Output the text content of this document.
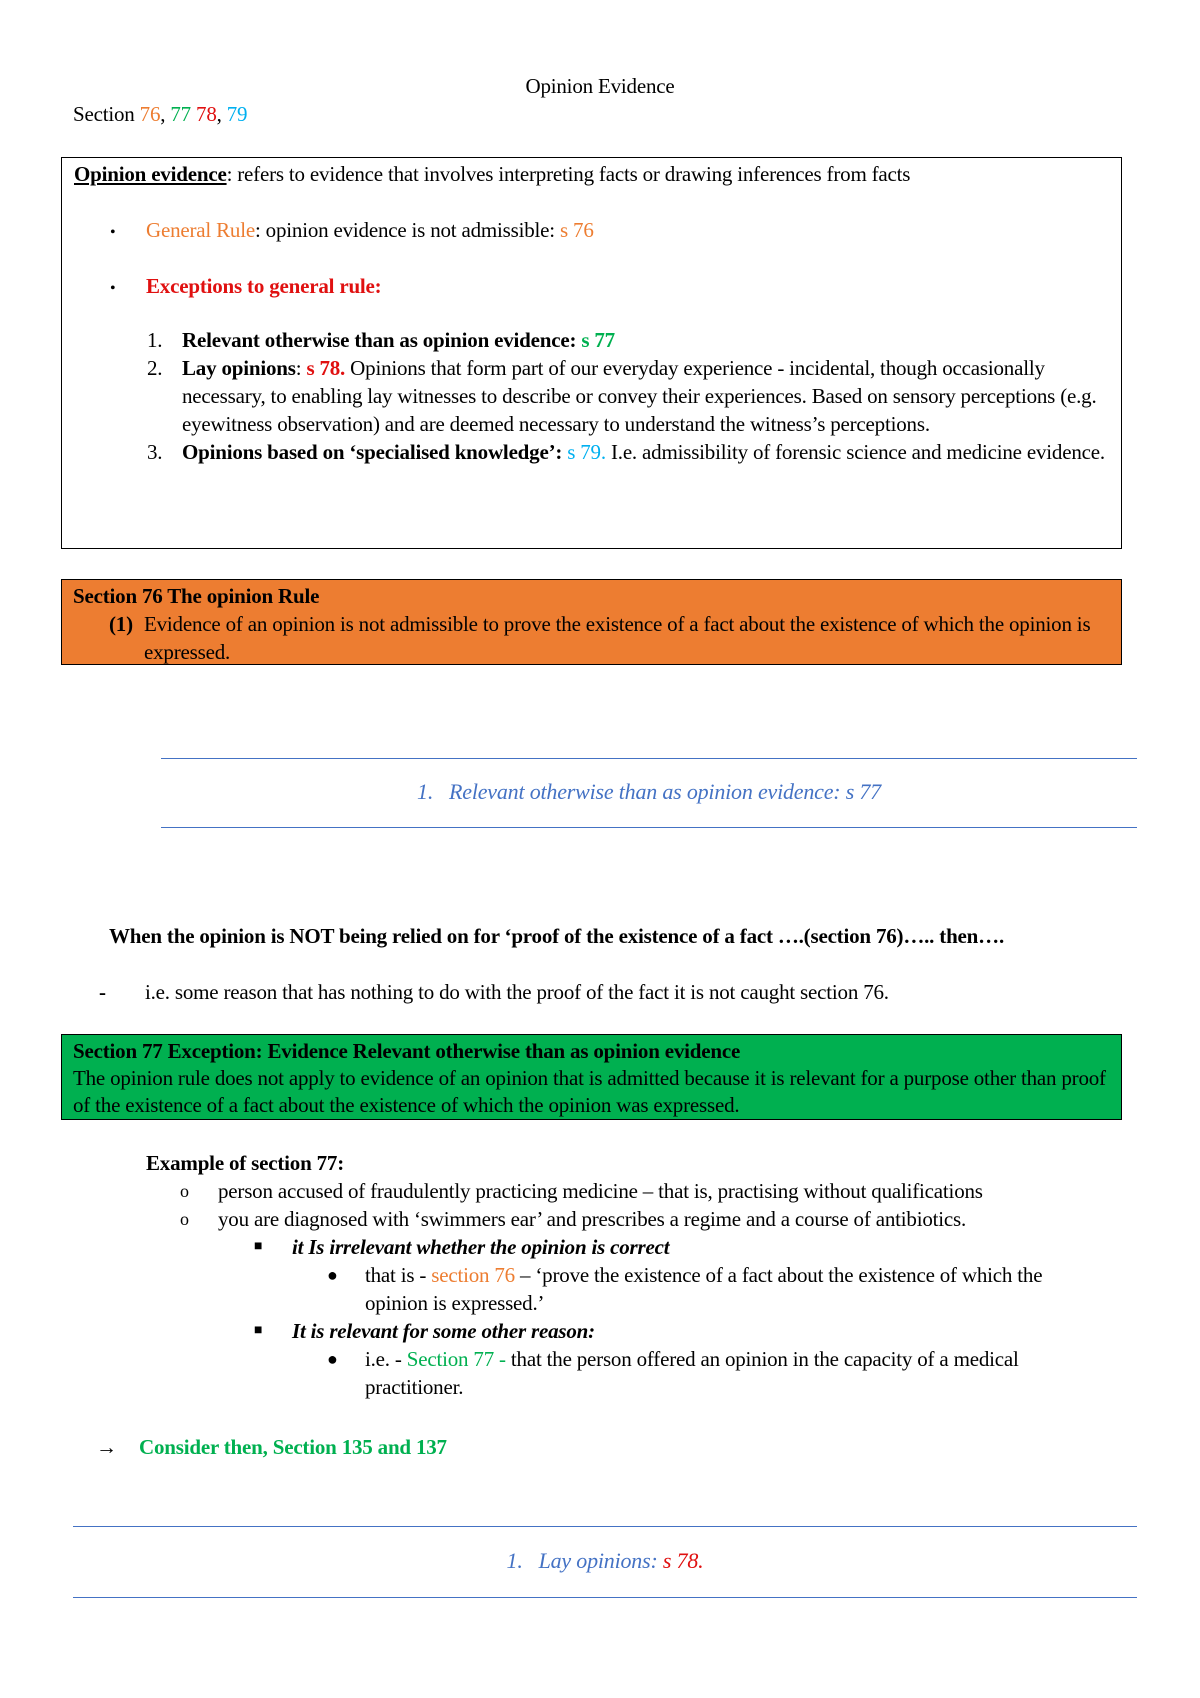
Opinion Evidence
Section 76, 77 78, 79
Opinion evidence: refers to evidence that involves interpreting facts or drawing inferences from facts
• General Rule: opinion evidence is not admissible: s 76
• Exceptions to general rule:
1. Relevant otherwise than as opinion evidence: s 77
2. Lay opinions: s 78. Opinions that form part of our everyday experience - incidental, though occasionally necessary, to enabling lay witnesses to describe or convey their experiences. Based on sensory perceptions (e.g. eyewitness observation) and are deemed necessary to understand the witness’s perceptions.
3. Opinions based on ‘specialised knowledge’: s 79. I.e. admissibility of forensic science and medicine evidence.
Section 76 The opinion Rule
(1) Evidence of an opinion is not admissible to prove the existence of a fact about the existence of which the opinion is expressed.
1. Relevant otherwise than as opinion evidence: s 77
When the opinion is NOT being relied on for ‘proof of the existence of a fact ….(section 76)….. then….
-	i.e. some reason that has nothing to do with the proof of the fact it is not caught section 76.
Section 77 Exception: Evidence Relevant otherwise than as opinion evidence
The opinion rule does not apply to evidence of an opinion that is admitted because it is relevant for a purpose other than proof of the existence of a fact about the existence of which the opinion was expressed.
Example of section 77:
o	person accused of fraudulently practicing medicine – that is, practising without qualifications
o	you are diagnosed with ‘swimmers ear’ and prescribes a regime and a course of antibiotics.
■	it Is irrelevant whether the opinion is correct
●	that is - section 76 – ‘prove the existence of a fact about the existence of which the opinion is expressed.’
■	It is relevant for some other reason:
●	i.e. - Section 77 - that the person offered an opinion in the capacity of a medical practitioner.
→ Consider then, Section 135 and 137
1. Lay opinions: s 78.
